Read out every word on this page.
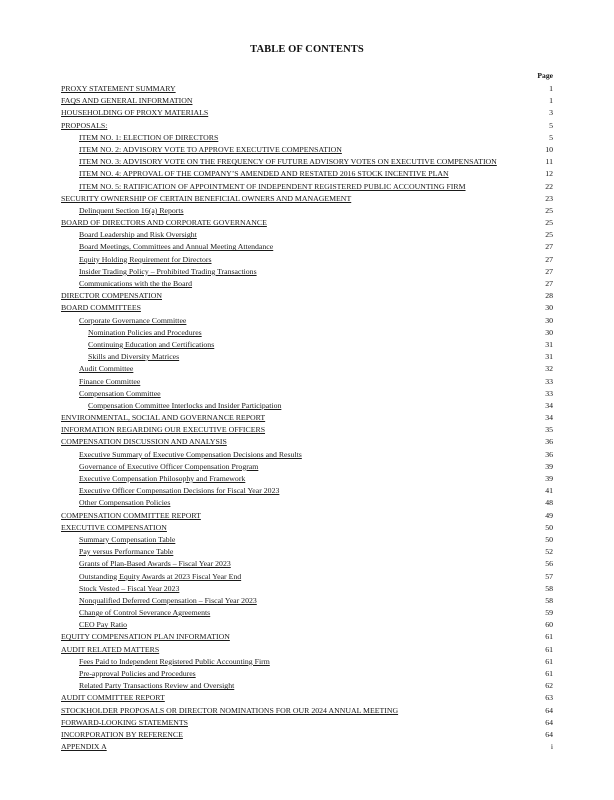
TABLE OF CONTENTS
Page
PROXY STATEMENT SUMMARY	1
FAQS AND GENERAL INFORMATION	1
HOUSEHOLDING OF PROXY MATERIALS	3
PROPOSALS:	5
ITEM NO. 1: ELECTION OF DIRECTORS	5
ITEM NO. 2: ADVISORY VOTE TO APPROVE EXECUTIVE COMPENSATION	10
ITEM NO. 3: ADVISORY VOTE ON THE FREQUENCY OF FUTURE ADVISORY VOTES ON EXECUTIVE COMPENSATION	11
ITEM NO. 4: APPROVAL OF THE COMPANY’S AMENDED AND RESTATED 2016 STOCK INCENTIVE PLAN	12
ITEM NO. 5: RATIFICATION OF APPOINTMENT OF INDEPENDENT REGISTERED PUBLIC ACCOUNTING FIRM	22
SECURITY OWNERSHIP OF CERTAIN BENEFICIAL OWNERS AND MANAGEMENT	23
Delinquent Section 16(a) Reports	25
BOARD OF DIRECTORS AND CORPORATE GOVERNANCE	25
Board Leadership and Risk Oversight	25
Board Meetings, Committees and Annual Meeting Attendance	27
Equity Holding Requirement for Directors	27
Insider Trading Policy – Prohibited Trading Transactions	27
Communications with the the Board	27
DIRECTOR COMPENSATION	28
BOARD COMMITTEES	30
Corporate Governance Committee	30
Nomination Policies and Procedures	30
Continuing Education and Certifications	31
Skills and Diversity Matrices	31
Audit Committee	32
Finance Committee	33
Compensation Committee	33
Compensation Committee Interlocks and Insider Participation	34
ENVIRONMENTAL, SOCIAL AND GOVERNANCE REPORT	34
INFORMATION REGARDING OUR EXECUTIVE OFFICERS	35
COMPENSATION DISCUSSION AND ANALYSIS	36
Executive Summary of Executive Compensation Decisions and Results	36
Governance of Executive Officer Compensation Program	39
Executive Compensation Philosophy and Framework	39
Executive Officer Compensation Decisions for Fiscal Year 2023	41
Other Compensation Policies	48
COMPENSATION COMMITTEE REPORT	49
EXECUTIVE COMPENSATION	50
Summary Compensation Table	50
Pay versus Performance Table	52
Grants of Plan-Based Awards – Fiscal Year 2023	56
Outstanding Equity Awards at 2023 Fiscal Year End	57
Stock Vested – Fiscal Year 2023	58
Nonqualified Deferred Compensation – Fiscal Year 2023	58
Change of Control Severance Agreements	59
CEO Pay Ratio	60
EQUITY COMPENSATION PLAN INFORMATION	61
AUDIT RELATED MATTERS	61
Fees Paid to Independent Registered Public Accounting Firm	61
Pre-approval Policies and Procedures	61
Related Party Transactions Review and Oversight	62
AUDIT COMMITTEE REPORT	63
STOCKHOLDER PROPOSALS OR DIRECTOR NOMINATIONS FOR OUR 2024 ANNUAL MEETING	64
FORWARD-LOOKING STATEMENTS	64
INCORPORATION BY REFERENCE	64
APPENDIX A	i
